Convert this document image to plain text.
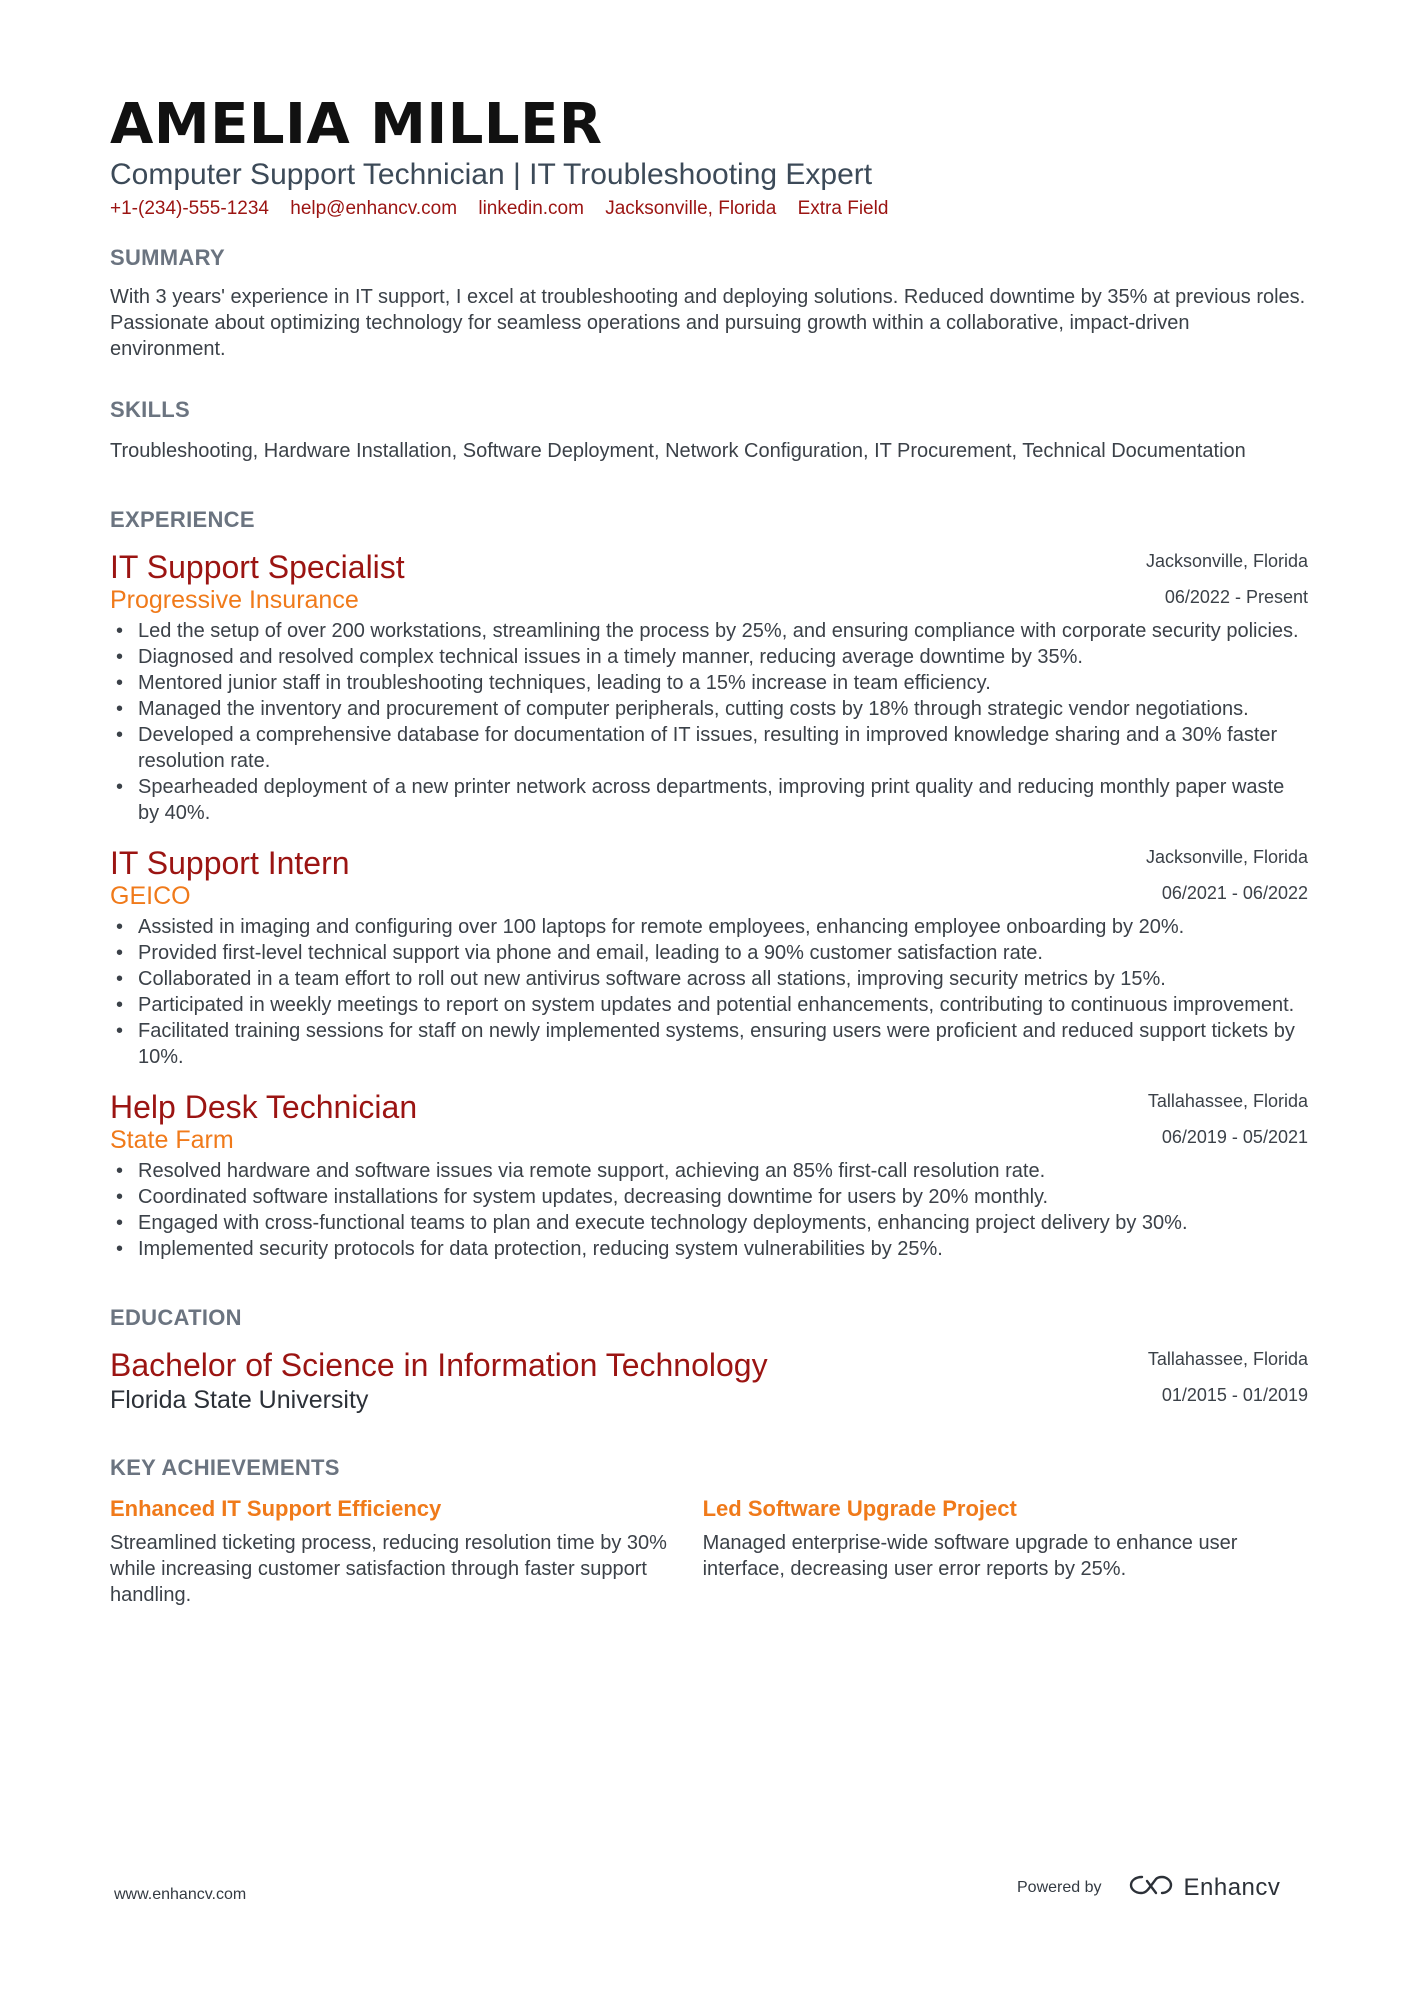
AMELIA MILLER
Computer Support Technician | IT Troubleshooting Expert
+1-(234)-555-1234 help@enhancv.com linkedin.com Jacksonville, Florida Extra Field
SUMMARY
With 3 years' experience in IT support, I excel at troubleshooting and deploying solutions. Reduced downtime by 35% at previous roles. Passionate about optimizing technology for seamless operations and pursuing growth within a collaborative, impact-driven environment.
SKILLS
Troubleshooting, Hardware Installation, Software Deployment, Network Configuration, IT Procurement, Technical Documentation
EXPERIENCE
Jacksonville, Florida
06/2022 - Present
IT Support Specialist
Progressive Insurance
• Led the setup of over 200 workstations, streamlining the process by 25%, and ensuring compliance with corporate security policies.
• Diagnosed and resolved complex technical issues in a timely manner, reducing average downtime by 35%.
• Mentored junior staff in troubleshooting techniques, leading to a 15% increase in team efficiency.
• Managed the inventory and procurement of computer peripherals, cutting costs by 18% through strategic vendor negotiations.
• Developed a comprehensive database for documentation of IT issues, resulting in improved knowledge sharing and a 30% faster resolution rate.
• Spearheaded deployment of a new printer network across departments, improving print quality and reducing monthly paper waste by 40%.
Jacksonville, Florida
06/2021 - 06/2022
IT Support Intern
GEICO
• Assisted in imaging and configuring over 100 laptops for remote employees, enhancing employee onboarding by 20%.
• Provided first-level technical support via phone and email, leading to a 90% customer satisfaction rate.
• Collaborated in a team effort to roll out new antivirus software across all stations, improving security metrics by 15%.
• Participated in weekly meetings to report on system updates and potential enhancements, contributing to continuous improvement.
• Facilitated training sessions for staff on newly implemented systems, ensuring users were proficient and reduced support tickets by 10%.
Tallahassee, Florida
06/2019 - 05/2021
Help Desk Technician
State Farm
• Resolved hardware and software issues via remote support, achieving an 85% first-call resolution rate.
• Coordinated software installations for system updates, decreasing downtime for users by 20% monthly.
• Engaged with cross-functional teams to plan and execute technology deployments, enhancing project delivery by 30%.
• Implemented security protocols for data protection, reducing system vulnerabilities by 25%.
EDUCATION
Tallahassee, Florida
01/2015 - 01/2019
Bachelor of Science in Information Technology
Florida State University
KEY ACHIEVEMENTS
Enhanced IT Support Efficiency
Streamlined ticketing process, reducing resolution time by 30% while increasing customer satisfaction through faster support handling.
Led Software Upgrade Project
Managed enterprise-wide software upgrade to enhance user interface, decreasing user error reports by 25%.
www.enhancv.com	Powered by	Enhancv
